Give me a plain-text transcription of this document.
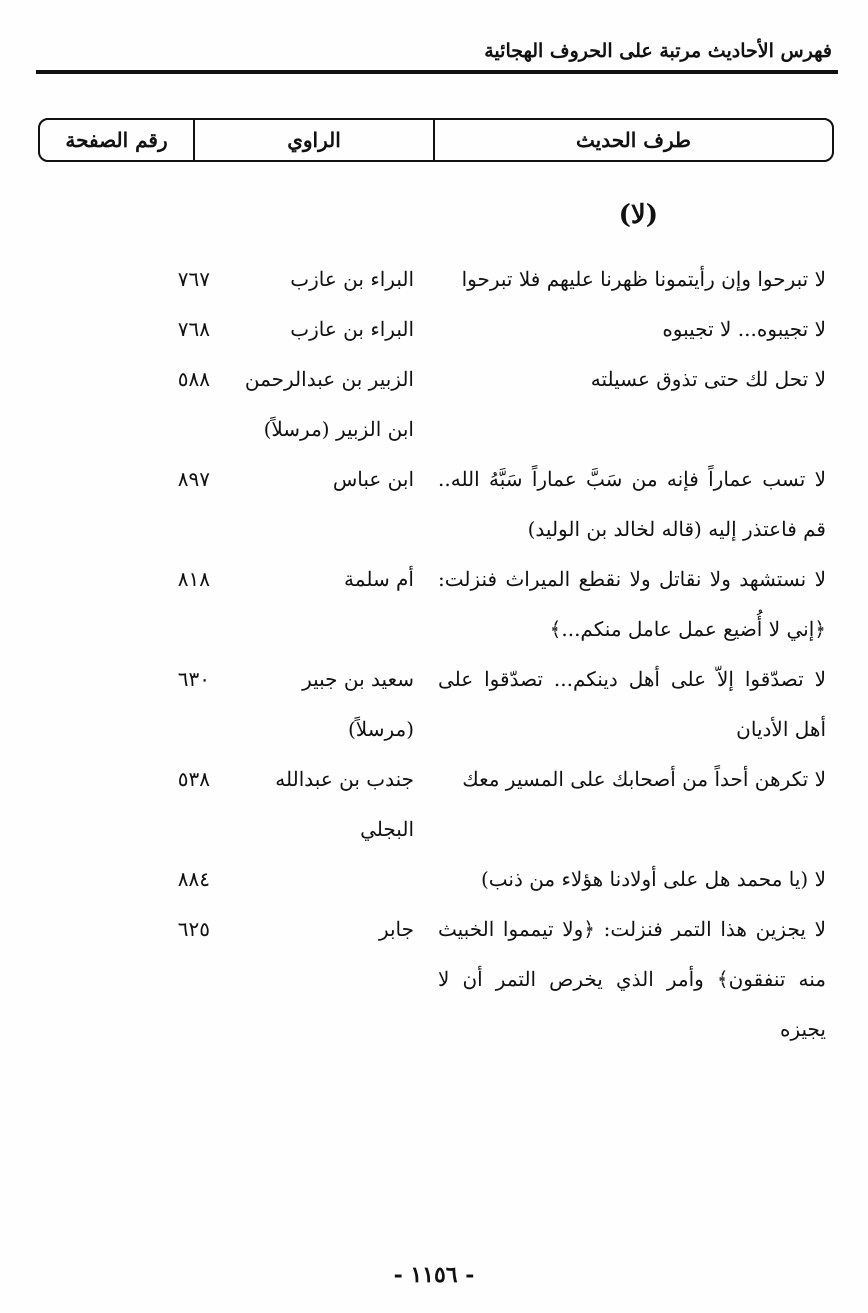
فهرس الأحاديث مرتبة على الحروف الهجائية
طرف الحديث
الراوي
رقم الصفحة
(لا)
لا تبرحوا وإن رأيتمونا ظهرنا عليهم فلا تبرحوا
البراء بن عازب
٧٦٧
لا تجيبوه... لا تجيبوه
البراء بن عازب
٧٦٨
لا تحل لك حتى تذوق عسيلته
الزبير بن عبدالرحمن ابن الزبير (مرسلاً)
٥٨٨
لا تسب عماراً فإنه من سَبَّ عماراً سَبَّهُ الله.. قم فاعتذر إليه (قاله لخالد بن الوليد)
ابن عباس
٨٩٧
لا نستشهد ولا نقاتل ولا نقطع الميراث فنزلت: ﴿إني لا أُضيع عمل عامل منكم...﴾
أم سلمة
٨١٨
لا تصدّقوا إلاّ على أهل دينكم... تصدّقوا على أهل الأديان
سعيد بن جبير (مرسلاً)
٦٣٠
لا تكرهن أحداً من أصحابك على المسير معك
جندب بن عبدالله البجلي
٥٣٨
لا (يا محمد هل على أولادنا هؤلاء من ذنب)
٨٨٤
لا يجزين هذا التمر فنزلت: ﴿ولا تيمموا الخبيث منه تنفقون﴾ وأمر الذي يخرص التمر أن لا يجيزه
جابر
٦٢٥
- ١١٥٦ -
